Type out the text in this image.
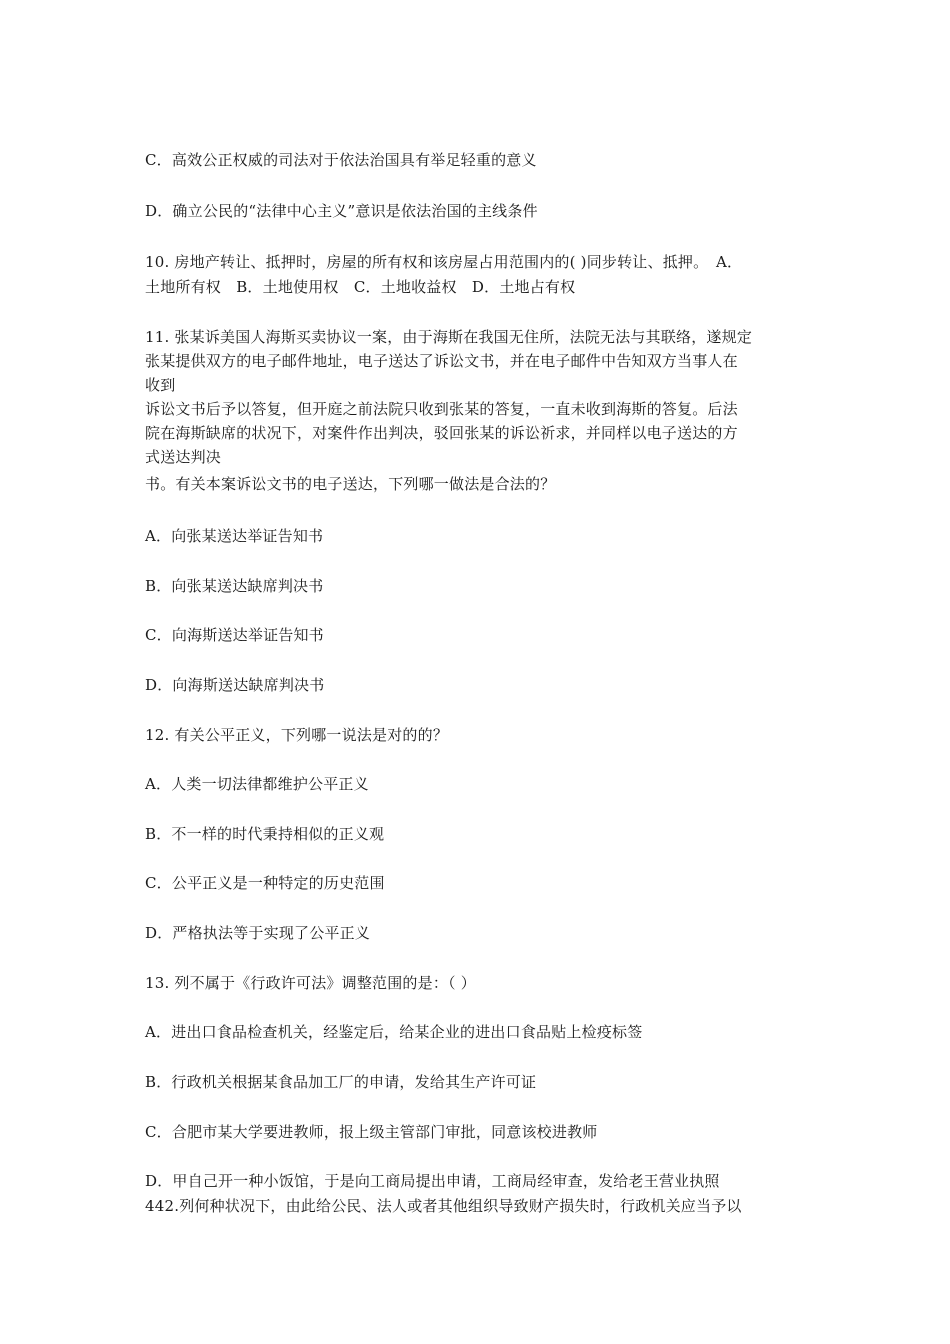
C．高效公正权威的司法对于依法治国具有举足轻重的意义
D．确立公民的“法律中心主义”意识是依法治国的主线条件
10. 房地产转让、抵押时，房屋的所有权和该房屋占用范围内的( )同步转让、抵押。　A．
土地所有权　B．土地使用权　C．土地收益权　D．土地占有权
11. 张某诉美国人海斯买卖协议一案，由于海斯在我国无住所，法院无法与其联络，遂规定
张某提供双方的电子邮件地址，电子送达了诉讼文书，并在电子邮件中告知双方当事人在
收到
诉讼文书后予以答复，但开庭之前法院只收到张某的答复，一直未收到海斯的答复。后法
院在海斯缺席的状况下，对案件作出判决，驳回张某的诉讼祈求，并同样以电子送达的方
式送达判决
书。有关本案诉讼文书的电子送达，下列哪一做法是合法的？
A．向张某送达举证告知书
B．向张某送达缺席判决书
C．向海斯送达举证告知书
D．向海斯送达缺席判决书
12. 有关公平正义，下列哪一说法是对的的？
A．人类一切法律都维护公平正义
B．不一样的时代秉持相似的正义观
C．公平正义是一种特定的历史范围
D．严格执法等于实现了公平正义
13. 列不属于《行政许可法》调整范围的是：（ ）
A．进出口食品检查机关，经鉴定后，给某企业的进出口食品贴上检疫标签
B．行政机关根据某食品加工厂的申请，发给其生产许可证
C．合肥市某大学要进教师，报上级主管部门审批，同意该校进教师
D．甲自己开一种小饭馆，于是向工商局提出申请，工商局经审查，发给老王营业执照
442.列何种状况下，由此给公民、法人或者其他组织导致财产损失时，行政机关应当予以
